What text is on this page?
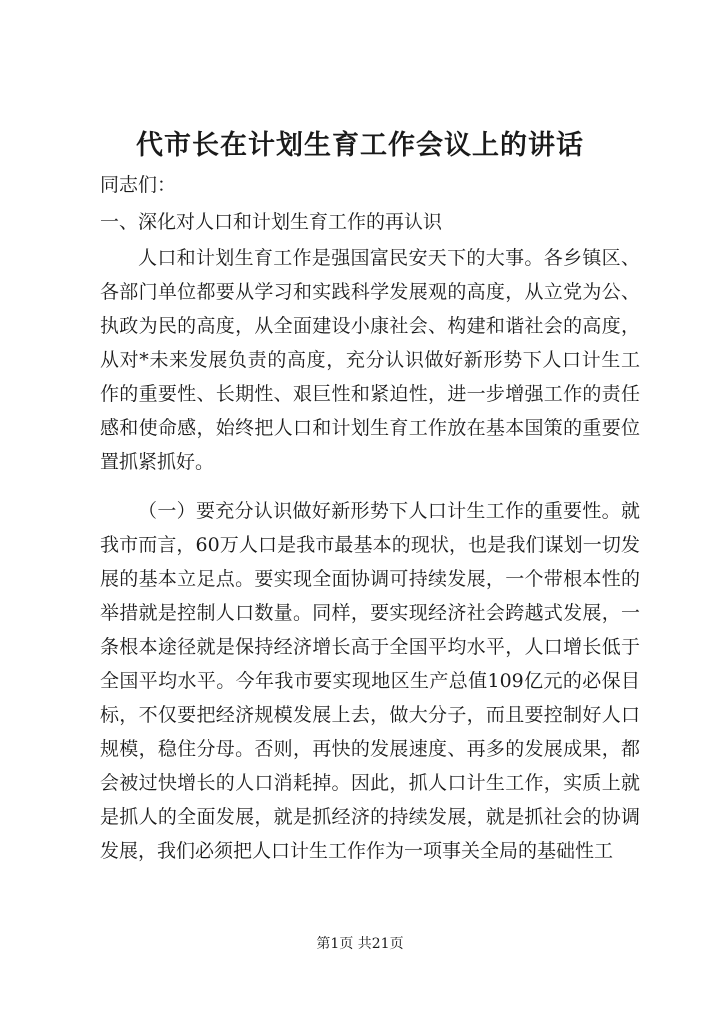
代市长在计划生育工作会议上的讲话
同志们：
一、深化对人口和计划生育工作的再认识
人口和计划生育工作是强国富民安天下的大事。各乡镇区、各部门单位都要从学习和实践科学发展观的高度，从立党为公、执政为民的高度，从全面建设小康社会、构建和谐社会的高度，从对*未来发展负责的高度，充分认识做好新形势下人口计生工作的重要性、长期性、艰巨性和紧迫性，进一步增强工作的责任感和使命感，始终把人口和计划生育工作放在基本国策的重要位置抓紧抓好。
（一）要充分认识做好新形势下人口计生工作的重要性。就我市而言，60万人口是我市最基本的现状，也是我们谋划一切发展的基本立足点。要实现全面协调可持续发展，一个带根本性的举措就是控制人口数量。同样，要实现经济社会跨越式发展，一条根本途径就是保持经济增长高于全国平均水平，人口增长低于全国平均水平。今年我市要实现地区生产总值109亿元的必保目标，不仅要把经济规模发展上去，做大分子，而且要控制好人口规模，稳住分母。否则，再快的发展速度、再多的发展成果，都会被过快增长的人口消耗掉。因此，抓人口计生工作，实质上就是抓人的全面发展，就是抓经济的持续发展，就是抓社会的协调发展，我们必须把人口计生工作作为一项事关全局的基础性工
第1页 共21页
